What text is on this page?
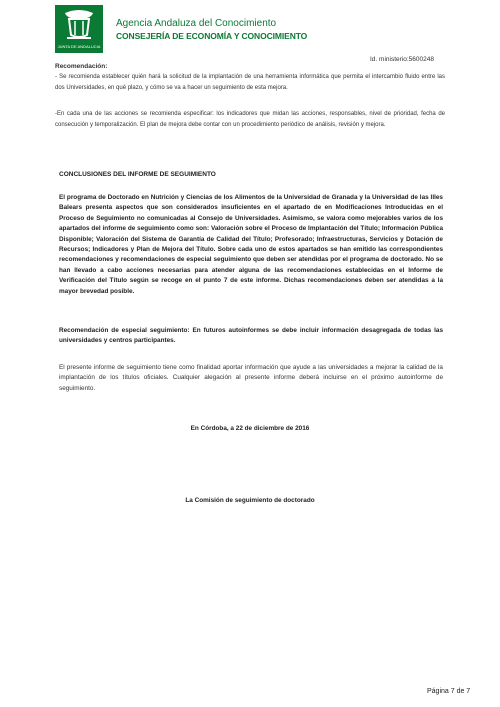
JUNTA DE ANDALUCIA
Agencia Andaluza del Conocimiento
CONSEJERÍA DE ECONOMÍA Y CONOCIMIENTO
Id. ministerio:5600248
Recomendación:
- Se recomienda establecer quién hará la solicitud de la implantación de una herramienta informática que permita el intercambio fluido entre las dos Universidades, en qué plazo, y cómo se va a hacer un seguimiento de esta mejora.
-En cada una de las acciones se recomienda especificar: los indicadores que midan las acciones, responsables, nivel de prioridad, fecha de consecución y temporalización. El plan de mejora debe contar con un procedimiento periódico de análisis, revisión y mejora.
CONCLUSIONES DEL INFORME DE SEGUIMIENTO
El programa de Doctorado en Nutrición y Ciencias de los Alimentos de la Universidad de Granada y la Universidad de las Illes Balears presenta aspectos que son considerados insuficientes en el apartado de en Modificaciones Introducidas en el Proceso de Seguimiento no comunicadas al Consejo de Universidades. Asimismo, se valora como mejorables varios de los apartados del informe de seguimiento como son: Valoración sobre el Proceso de Implantación del Título; Información Pública Disponible; Valoración del Sistema de Garantía de Calidad del Título; Profesorado; Infraestructuras, Servicios y Dotación de Recursos; Indicadores y Plan de Mejora del Título. Sobre cada uno de estos apartados se han emitido las correspondientes recomendaciones y recomendaciones de especial seguimiento que deben ser atendidas por el programa de doctorado. No se han llevado a cabo acciones necesarias para atender alguna de las recomendaciones establecidas en el Informe de Verificación del Título según se recoge en el punto 7 de este informe. Dichas recomendaciones deben ser atendidas a la mayor brevedad posible.
Recomendación de especial seguimiento: En futuros autoinformes se debe incluir información desagregada de todas las universidades y centros participantes.
El presente informe de seguimiento tiene como finalidad aportar información que ayude a las universidades a mejorar la calidad de la implantación de los títulos oficiales. Cualquier alegación al presente informe deberá incluirse en el próximo autoinforme de seguimiento.
En Córdoba, a 22 de diciembre de 2016
La Comisión de seguimiento de doctorado
Página 7 de 7
